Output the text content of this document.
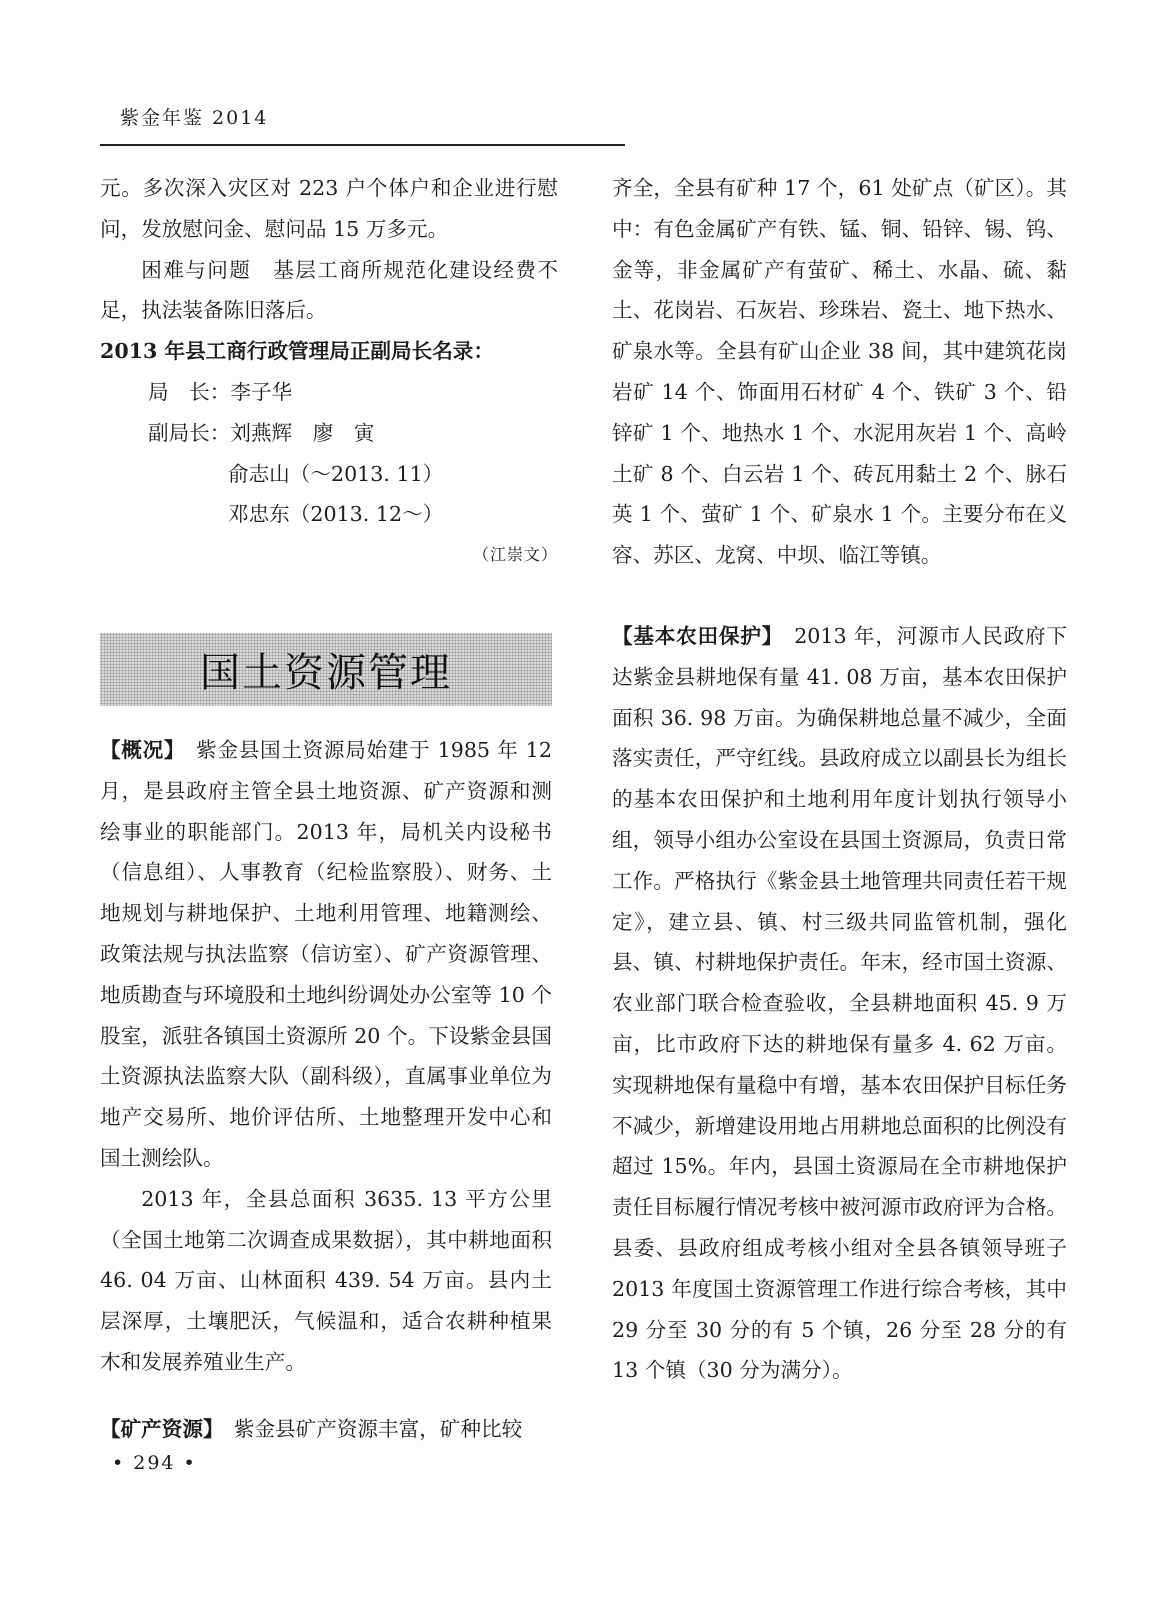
紫金年鉴 2014

元。多次深入灾区对 223 户个体户和企业进行慰问，发放慰问金、慰问品 15 万多元。

困难与问题　 基层工商所规范化建设经费不足，执法装备陈旧落后。

2013 年县工商行政管理局正副局长名录：

局　长：李子华
副局长：刘燕辉　廖　寅
俞志山（～2013. 11）
邓忠东（2013. 12～）

（江崇文）

国土资源管理

【概况】　 紫金县国土资源局始建于 1985 年 12 月，是县政府主管全县土地资源、矿产资源和测绘事业的职能部门。2013 年，局机关内设秘书（信息组）、人事教育（纪检监察股）、财务、土地规划与耕地保护、土地利用管理、地籍测绘、政策法规与执法监察（信访室）、矿产资源管理、地质勘查与环境股和土地纠纷调处办公室等 10 个股室，派驻各镇国土资源所 20 个。下设紫金县国土资源执法监察大队（副科级），直属事业单位为地产交易所、地价评估所、土地整理开发中心和国土测绘队。

2013 年，全县总面积 3635. 13 平方公里（全国土地第二次调查成果数据），其中耕地面积 46. 04 万亩、山林面积 439. 54 万亩。县内土层深厚，土壤肥沃，气候温和，适合农耕种植果木和发展养殖业生产。

【矿产资源】　 紫金县矿产资源丰富，矿种比较

齐全，全县有矿种 17 个，61 处矿点（矿区）。其中：有色金属矿产有铁、锰、铜、铅锌、锡、钨、金等，非金属矿产有萤矿、稀土、水晶、硫、黏土、花岗岩、石灰岩、珍珠岩、瓷土、地下热水、矿泉水等。全县有矿山企业 38 间，其中建筑花岗岩矿 14 个、饰面用石材矿 4 个、铁矿 3 个、铅锌矿 1 个、地热水 1 个、水泥用灰岩 1 个、高岭土矿 8 个、白云岩 1 个、砖瓦用黏土 2 个、脉石英 1 个、萤矿 1 个、矿泉水 1 个。主要分布在义容、苏区、龙窝、中坝、临江等镇。

【基本农田保护】　 2013 年，河源市人民政府下达紫金县耕地保有量 41. 08 万亩，基本农田保护面积 36. 98 万亩。为确保耕地总量不减少，全面落实责任，严守红线。县政府成立以副县长为组长的基本农田保护和土地利用年度计划执行领导小组，领导小组办公室设在县国土资源局，负责日常工作。严格执行《紫金县土地管理共同责任若干规定》，建立县、镇、村三级共同监管机制，强化县、镇、村耕地保护责任。年末，经市国土资源、农业部门联合检查验收，全县耕地面积 45. 9 万亩，比市政府下达的耕地保有量多 4. 62 万亩。实现耕地保有量稳中有增，基本农田保护目标任务不减少，新增建设用地占用耕地总面积的比例没有超过 15%。年内，县国土资源局在全市耕地保护责任目标履行情况考核中被河源市政府评为合格。县委、县政府组成考核小组对全县各镇领导班子 2013 年度国土资源管理工作进行综合考核，其中 29 分至 30 分的有 5 个镇，26 分至 28 分的有 13 个镇（30 分为满分）。

• 294 •
